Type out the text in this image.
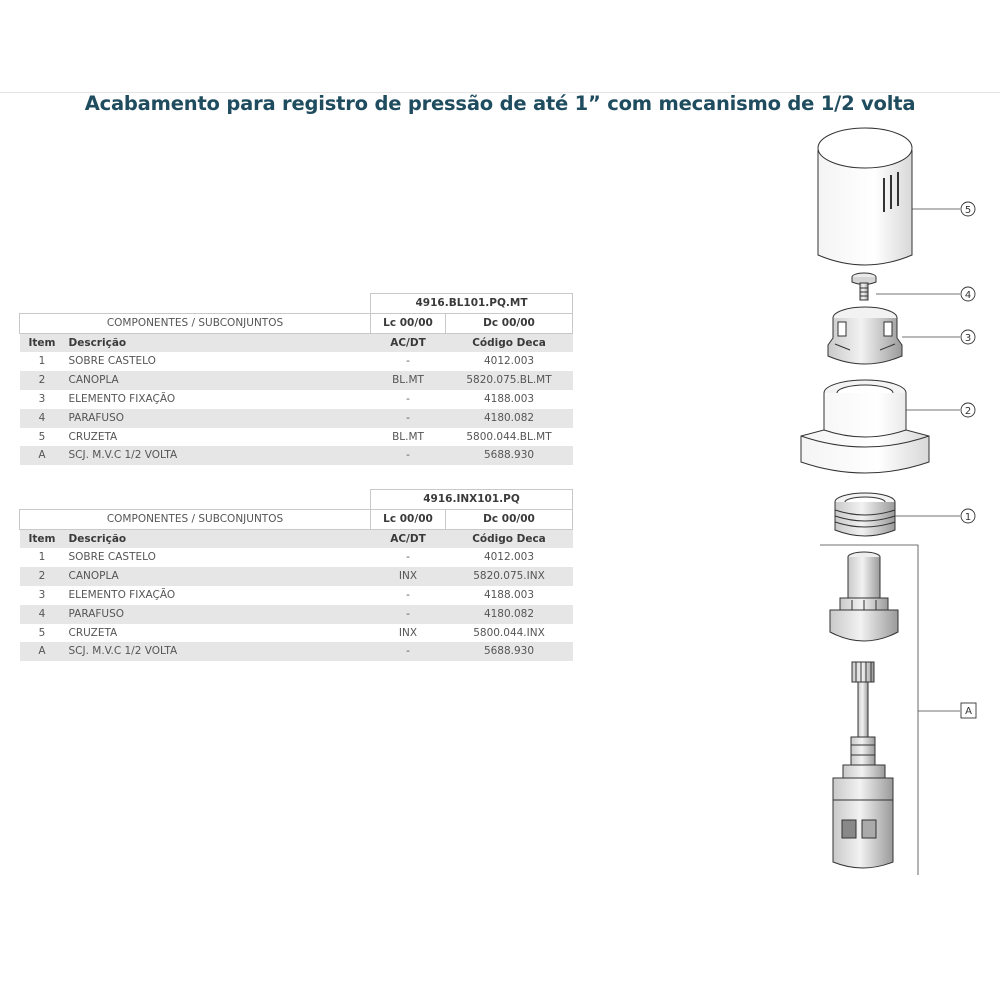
Acabamento para registro de pressão de até 1” com mecanismo de 1/2 volta
		4916.BL101.PQ.MT	
COMPONENTES / SUBCONJUNTOS		Lc 00/00	Dc 00/00
Item	Descrição	AC/DT	Código Deca
1	SOBRE CASTELO	-	4012.003
2	CANOPLA	BL.MT	5820.075.BL.MT
3	ELEMENTO FIXAÇÃO	-	4188.003
4	PARAFUSO	-	4180.082
5	CRUZETA	BL.MT	5800.044.BL.MT
A	SCJ. M.V.C 1/2 VOLTA	-	5688.930
		4916.INX101.PQ	
COMPONENTES / SUBCONJUNTOS		Lc 00/00	Dc 00/00
Item	Descrição	AC/DT	Código Deca
1	SOBRE CASTELO	-	4012.003
2	CANOPLA	INX	5820.075.INX
3	ELEMENTO FIXAÇÃO	-	4188.003
4	PARAFUSO	-	4180.082
5	CRUZETA	INX	5800.044.INX
A	SCJ. M.V.C 1/2 VOLTA	-	5688.930
5
4
3
2
1
A
